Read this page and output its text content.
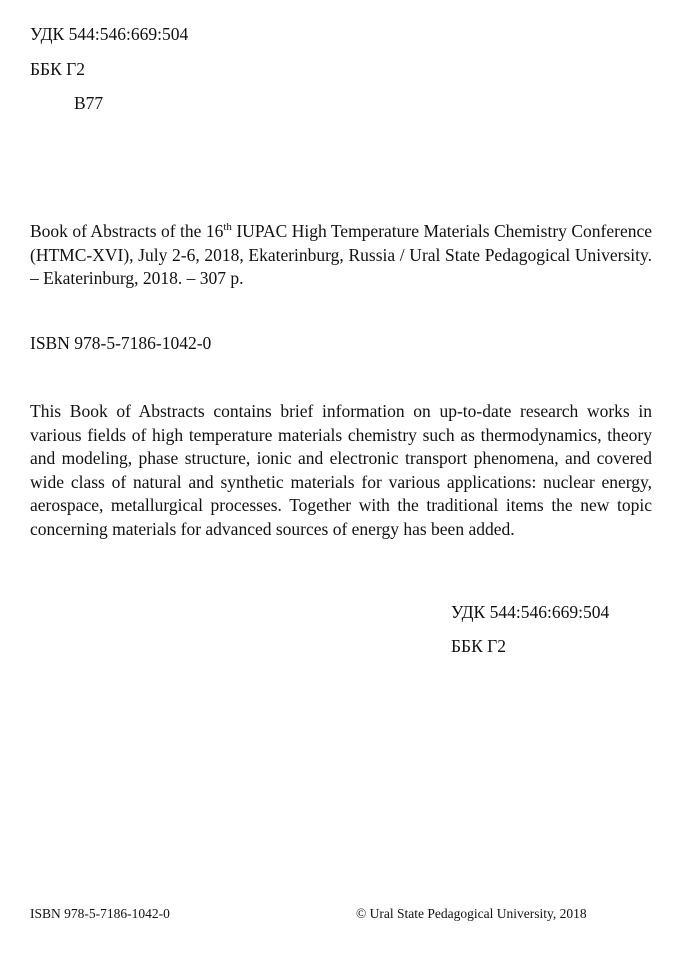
УДК 544:546:669:504

ББК Г2

В77

Book of Abstracts of the 16th IUPAC High Temperature Materials Chemistry Conference (HTMC-XVI), July 2-6, 2018, Ekaterinburg, Russia / Ural State Pedagogical University. – Ekaterinburg, 2018. – 307 p.

ISBN 978-5-7186-1042-0

This Book of Abstracts contains brief information on up-to-date research works in various fields of high temperature materials chemistry such as thermodynamics, theory and modeling, phase structure, ionic and electronic transport phenomena, and covered wide class of natural and synthetic materials for various applications: nuclear energy, aerospace, metallurgical processes. Together with the traditional items the new topic concerning materials for advanced sources of energy has been added.

УДК 544:546:669:504

ББК Г2

ISBN 978-5-7186-1042-0	© Ural State Pedagogical University, 2018
